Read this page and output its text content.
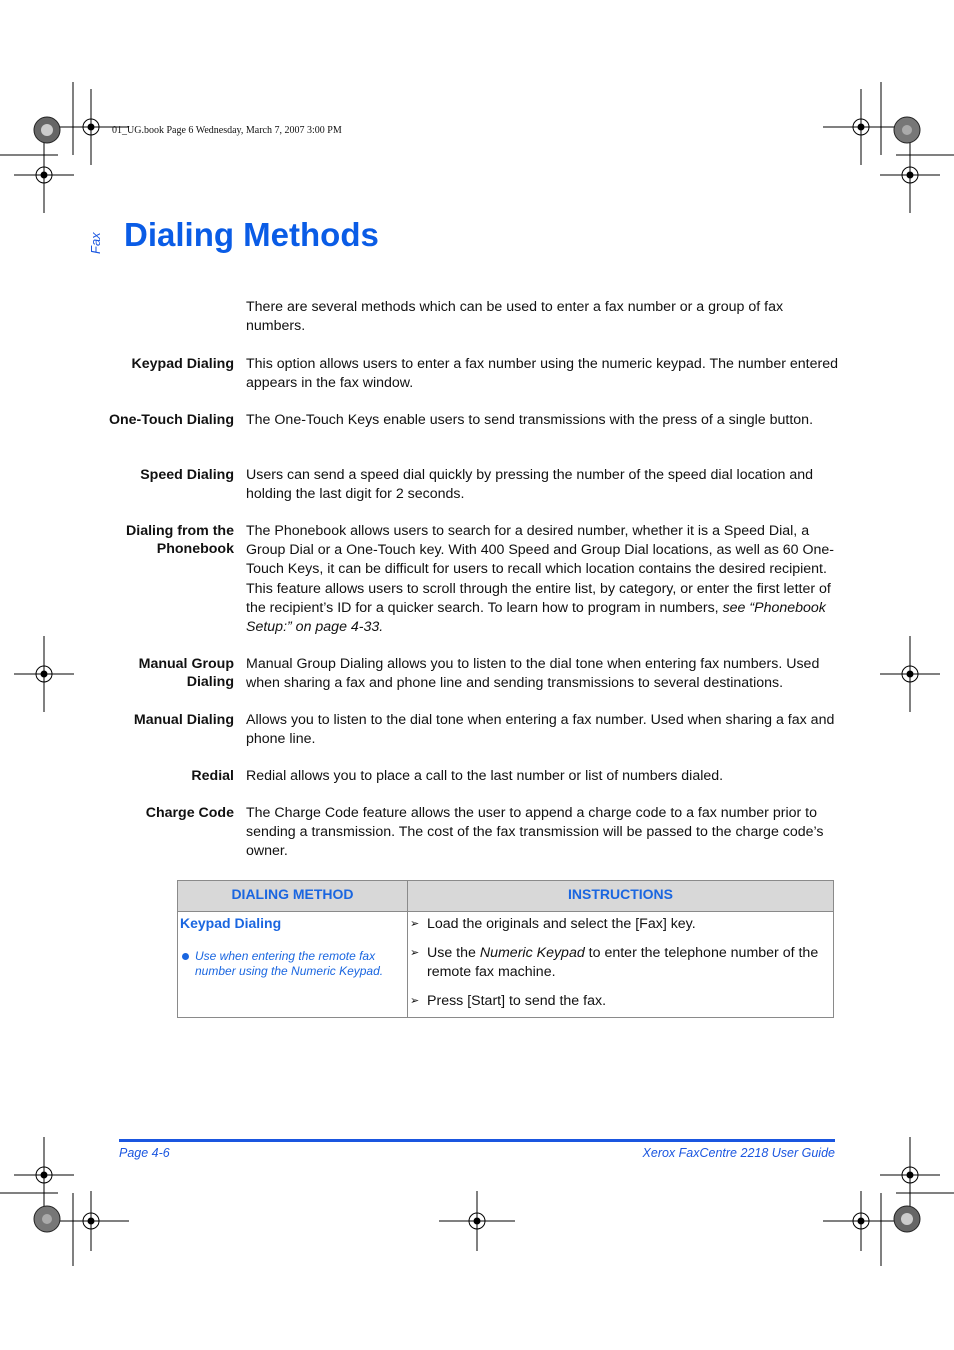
01_UG.book Page 6 Wednesday, March 7, 2007 3:00 PM
Fax Dialing Methods
There are several methods which can be used to enter a fax number or a group of fax numbers.
Keypad Dialing This option allows users to enter a fax number using the numeric keypad. The number entered appears in the fax window.
One-Touch Dialing The One-Touch Keys enable users to send transmissions with the press of a single button.
Speed Dialing Users can send a speed dial quickly by pressing the number of the speed dial location and holding the last digit for 2 seconds.
Dialing from the Phonebook
The Phonebook allows users to search for a desired number, whether it is a Speed Dial, a Group Dial or a One-Touch key. With 400 Speed and Group Dial locations, as well as 60 One-Touch Keys, it can be difficult for users to recall which location contains the desired recipient. This feature allows users to scroll through the entire list, by category, or enter the first letter of the recipient’s ID for a quicker search. To learn how to program in numbers, see “Phonebook Setup:” on page 4-33.
Manual Group Dialing
Manual Group Dialing allows you to listen to the dial tone when entering fax numbers. Used when sharing a fax and phone line and sending transmissions to several destinations.
Manual Dialing Allows you to listen to the dial tone when entering a fax number. Used when sharing a fax and phone line.
Redial Redial allows you to place a call to the last number or list of numbers dialed.
Charge Code The Charge Code feature allows the user to append a charge code to a fax number prior to sending a transmission. The cost of the fax transmission will be passed to the charge code’s owner.
DIALING METHOD	INSTRUCTIONS
Keypad Dialing
Use when entering the remote fax number using the Numeric Keypad.
➢ Load the originals and select the [Fax] key.
➢ Use the Numeric Keypad to enter the telephone number of the remote fax machine.
➢ Press [Start] to send the fax.
Page 4-6	Xerox FaxCentre 2218 User Guide
